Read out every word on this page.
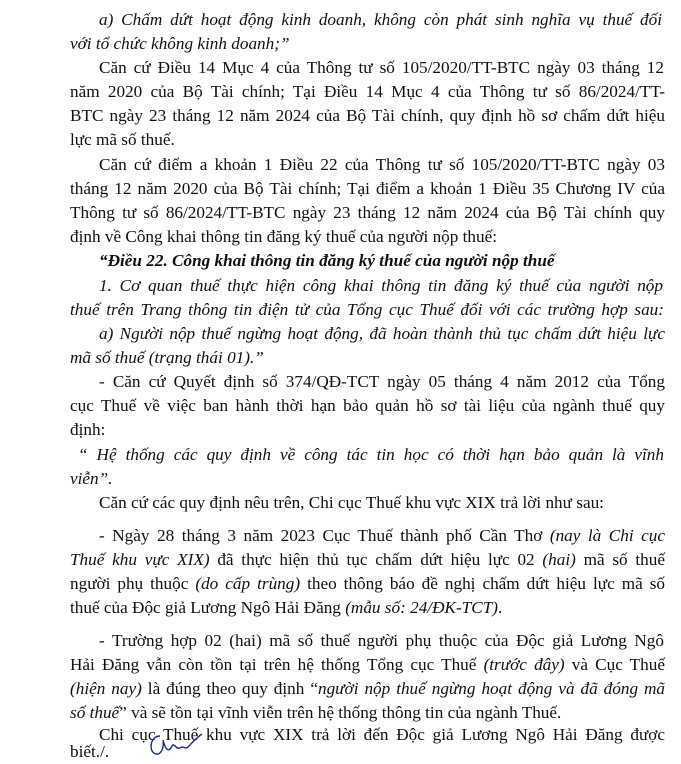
a) Chấm dứt hoạt động kinh doanh, không còn phát sinh nghĩa vụ thuế đối
với tổ chức không kinh doanh;”
Căn cứ Điều 14 Mục 4 của Thông tư số 105/2020/TT-BTC ngày 03 tháng 12
năm 2020 của Bộ Tài chính; Tại Điều 14 Mục 4 của Thông tư số 86/2024/TT-
BTC ngày 23 tháng 12 năm 2024 của Bộ Tài chính, quy định hồ sơ chấm dứt hiệu
lực mã số thuế.
Căn cứ điểm a khoản 1 Điều 22 của Thông tư số 105/2020/TT-BTC ngày 03
tháng 12 năm 2020 của Bộ Tài chính; Tại điểm a khoản 1 Điều 35 Chương IV của
Thông tư số 86/2024/TT-BTC ngày 23 tháng 12 năm 2024 của Bộ Tài chính quy
định về Công khai thông tin đăng ký thuế của người nộp thuế:
“Điều 22. Công khai thông tin đăng ký thuế của người nộp thuế
1. Cơ quan thuế thực hiện công khai thông tin đăng ký thuế của người nộp
thuế trên Trang thông tin điện tử của Tổng cục Thuế đối với các trường hợp sau:
a) Người nộp thuế ngừng hoạt động, đã hoàn thành thủ tục chấm dứt hiệu lực
mã số thuế (trạng thái 01).”
- Căn cứ Quyết định số 374/QĐ-TCT ngày 05 tháng 4 năm 2012 của Tổng
cục Thuế về việc ban hành thời hạn bảo quản hồ sơ tài liệu của ngành thuế quy
định:
“ Hệ thống các quy định về công tác tin học có thời hạn bảo quản là vĩnh
viễn”.
Căn cứ các quy định nêu trên, Chi cục Thuế khu vực XIX trả lời như sau:
- Ngày 28 tháng 3 năm 2023 Cục Thuế thành phố Cần Thơ (nay là Chi cục
Thuế khu vực XIX) đã thực hiện thủ tục chấm dứt hiệu lực 02 (hai) mã số thuế
người phụ thuộc (do cấp trùng) theo thông báo đề nghị chấm dứt hiệu lực mã số
thuế của Độc giả Lương Ngô Hải Đăng (mẫu số: 24/ĐK-TCT).
- Trường hợp 02 (hai) mã số thuế người phụ thuộc của Độc giả Lương Ngô
Hải Đăng vẫn còn tồn tại trên hệ thống Tổng cục Thuế (trước đây) và Cục Thuế
(hiện nay) là đúng theo quy định “người nộp thuế ngừng hoạt động và đã đóng mã
số thuế” và sẽ tồn tại vĩnh viễn trên hệ thống thông tin của ngành Thuế.
Chi cục Thuế khu vực XIX trả lời đến Độc giả Lương Ngô Hải Đăng được
biết./.
